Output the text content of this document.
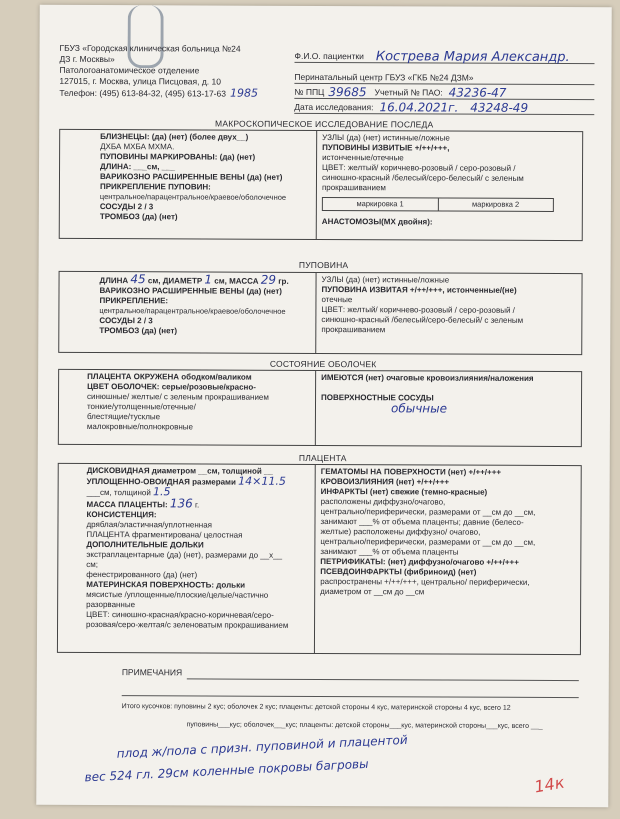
ГБУЗ «Городская клиническая больница №24
ДЗ г. Москвы»
Патологоанатомическое отделение
127015, г. Москва, улица Писцовая, д. 10
Телефон: (495) 613-84-32, (495) 613-17-63 1985
Ф.И.О. пациентки Кострева Мария Александр.
Перинатальный центр ГБУЗ «ГКБ №24 ДЗМ»
№ ППЦ 39685 Учетный № ПАО: 43236-47
Дата исследования: 16.04.2021г. 43248-49
МАКРОСКОПИЧЕСКОЕ ИССЛЕДОВАНИЕ ПОСЛЕДА
БЛИЗНЕЦЫ: (да) (нет) (более двух__)
ДХБА МХБА МХМА.
ПУПОВИНЫ МАРКИРОВАНЫ: (да) (нет)
ДЛИНА: ___см, ___
ВАРИКОЗНО РАСШИРЕННЫЕ ВЕНЫ (да) (нет)
ПРИКРЕПЛЕНИЕ ПУПОВИН:
центральное/парацентральное/краевое/оболочечное
СОСУДЫ 2 / 3
ТРОМБОЗ (да) (нет)
УЗЛЫ (да) (нет) истинные/ложные
ПУПОВИНЫ ИЗВИТЫЕ +/++/+++,
истонченные/отечные
ЦВЕТ: желтый/ коричнево-розовый / серо-розовый /
синюшно-красный /белесый/серо-белесый/ с зеленым
прокрашиванием
маркировка 1	маркировка 2
АНАСТОМОЗЫ(МХ двойня):
ПУПОВИНА
ДЛИНА 45 см, ДИАМЕТР 1 см, МАССА 29 гр.
ВАРИКОЗНО РАСШИРЕННЫЕ ВЕНЫ (да) (нет)
ПРИКРЕПЛЕНИЕ:
центральное/парацентральное/краевое/оболочечное
СОСУДЫ 2 / 3
ТРОМБОЗ (да) (нет)
УЗЛЫ (да) (нет) истинные/ложные
ПУПОВИНА ИЗВИТАЯ +/++/+++, истонченные/(не)
отечные
ЦВЕТ: желтый/ коричнево-розовый / серо-розовый /
синюшно-красный /белесый/серо-белесый/ с зеленым
прокрашиванием
СОСТОЯНИЕ ОБОЛОЧЕК
ПЛАЦЕНТА ОКРУЖЕНА ободком/валиком
ЦВЕТ ОБОЛОЧЕК: серые/розовые/красно-
синюшные/ желтые/ с зеленым прокрашиванием
тонкие/утолщенные/отечные/
блестящие/тусклые
малокровные/полнокровные
ИМЕЮТСЯ (нет) очаговые кровоизлияния/наложения
ПОВЕРХНОСТНЫЕ СОСУДЫ
обычные
ПЛАЦЕНТА
ДИСКОВИДНАЯ диаметром __см, толщиной __
УПЛОЩЕННО-ОВОИДНАЯ размерами 14×11.5
___см, толщиной 1.5
МАССА ПЛАЦЕНТЫ: 136 г.
КОНСИСТЕНЦИЯ:
дряблая/эластичная/уплотненная
ПЛАЦЕНТА фрагментирована/ целостная
ДОПОЛНИТЕЛЬНЫЕ ДОЛЬКИ
экстраплацентарные (да) (нет), размерами до __х__
см;
фенестрированного (да) (нет)
МАТЕРИНСКАЯ ПОВЕРХНОСТЬ: дольки
мясистые /уплощенные/плоские/целые/частично
разорванные
ЦВЕТ: синюшно-красная/красно-коричневая/серо-
розовая/серо-желтая/с зеленоватым прокрашиванием
ГЕМАТОМЫ НА ПОВЕРХНОСТИ (нет) +/++/+++
КРОВОИЗЛИЯНИЯ (нет) +/++/+++
ИНФАРКТЫ (нет) свежие (темно-красные)
расположены диффузно/очагово,
центрально/периферически, размерами от __см до __см,
занимают ___% от объема плаценты; давние (белесо-
желтые) расположены диффузно/ очагово,
центрально/периферически, размерами от __см до __см,
занимают ___% от объема плаценты
ПЕТРИФИКАТЫ: (нет) диффузно/очагово +/++/+++
ПСЕВДОИНФАРКТЫ (фибриноид) (нет)
распространены +/++/+++, центрально/ периферически,
диаметром от __см до __см
ПРИМЕЧАНИЯ
Итого кусочков: пуповины 2 кус; оболочек 2 кус; плаценты: детской стороны 4 кус, материнской стороны 4 кус, всего 12
пуповины___кус; оболочек___кус; плаценты: детской стороны___кус, материнской стороны___кус, всего ___
плод ж/пола с призн. пуповиной и плацентой
вес 524 гл. 29см коленные покровы багровы
14к
